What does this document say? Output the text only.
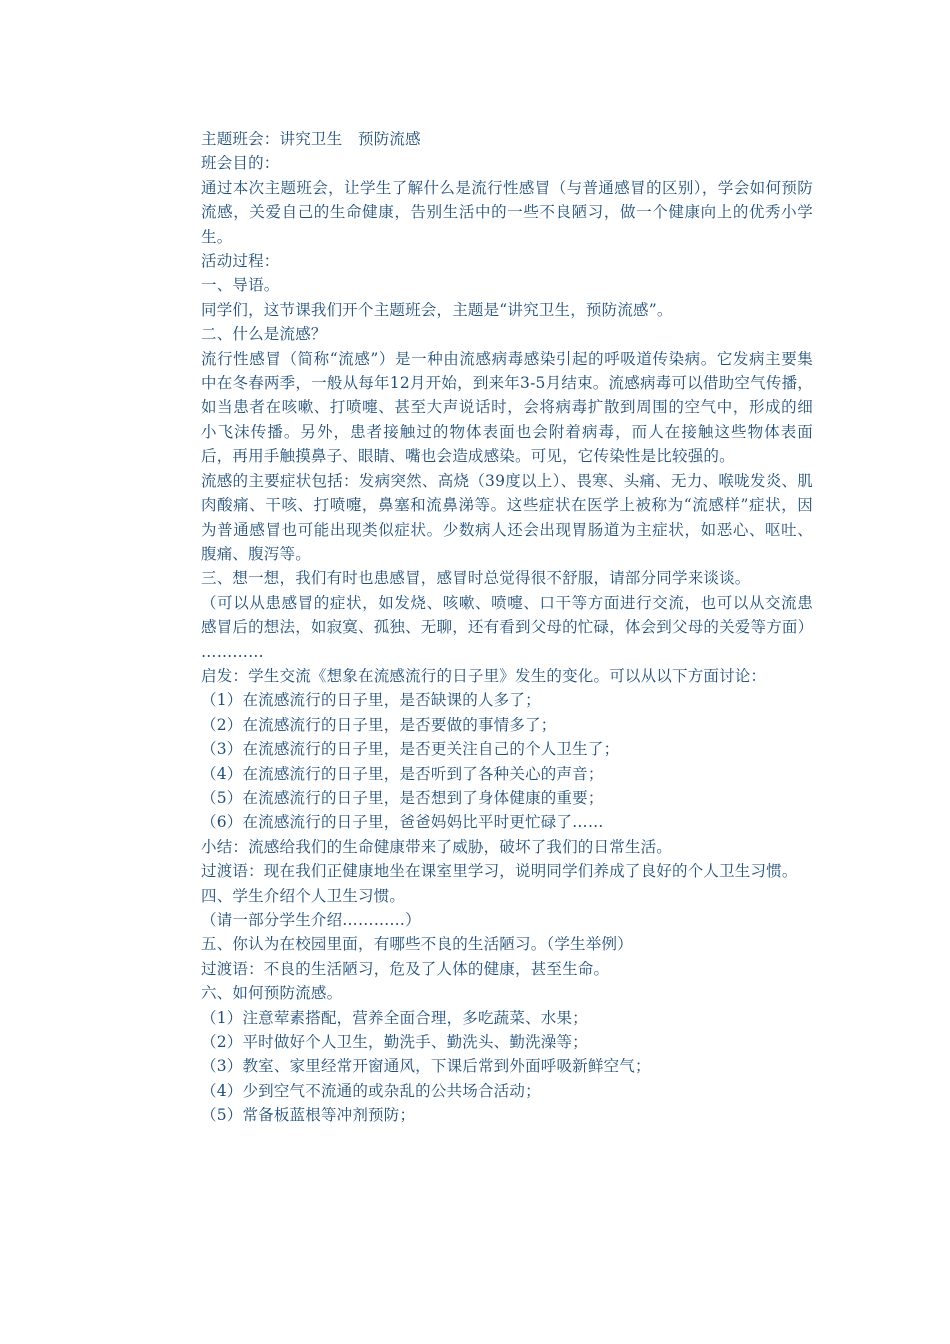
主题班会：讲究卫生　预防流感
班会目的：
通过本次主题班会，让学生了解什么是流行性感冒（与普通感冒的区别），学会如何预防流感，关爱自己的生命健康，告别生活中的一些不良陋习，做一个健康向上的优秀小学生。
活动过程：
一、导语。
同学们，这节课我们开个主题班会，主题是“讲究卫生，预防流感”。
二、什么是流感？
流行性感冒（简称“流感”）是一种由流感病毒感染引起的呼吸道传染病。它发病主要集中在冬春两季，一般从每年12月开始，到来年3-5月结束。流感病毒可以借助空气传播，如当患者在咳嗽、打喷嚏、甚至大声说话时，会将病毒扩散到周围的空气中，形成的细小飞沫传播。另外，患者接触过的物体表面也会附着病毒，而人在接触这些物体表面后，再用手触摸鼻子、眼睛、嘴也会造成感染。可见，它传染性是比较强的。
流感的主要症状包括：发病突然、高烧（39度以上）、畏寒、头痛、无力、喉咙发炎、肌肉酸痛、干咳、打喷嚏，鼻塞和流鼻涕等。这些症状在医学上被称为“流感样”症状，因为普通感冒也可能出现类似症状。少数病人还会出现胃肠道为主症状，如恶心、呕吐、腹痛、腹泻等。
三、想一想，我们有时也患感冒，感冒时总觉得很不舒服，请部分同学来谈谈。
（可以从患感冒的症状，如发烧、咳嗽、喷嚏、口干等方面进行交流，也可以从交流患感冒后的想法，如寂寞、孤独、无聊，还有看到父母的忙碌，体会到父母的关爱等方面）
…………
启发：学生交流《想象在流感流行的日子里》发生的变化。可以从以下方面讨论：
（1）在流感流行的日子里，是否缺课的人多了；
（2）在流感流行的日子里，是否要做的事情多了；
（3）在流感流行的日子里，是否更关注自己的个人卫生了；
（4）在流感流行的日子里，是否听到了各种关心的声音；
（5）在流感流行的日子里，是否想到了身体健康的重要；
（6）在流感流行的日子里，爸爸妈妈比平时更忙碌了……
小结：流感给我们的生命健康带来了威胁，破坏了我们的日常生活。
过渡语：现在我们正健康地坐在课室里学习，说明同学们养成了良好的个人卫生习惯。
四、学生介绍个人卫生习惯。
（请一部分学生介绍…………）
五、你认为在校园里面，有哪些不良的生活陋习。（学生举例）
过渡语：不良的生活陋习，危及了人体的健康，甚至生命。
六、如何预防流感。
（1）注意荤素搭配，营养全面合理，多吃蔬菜、水果；
（2）平时做好个人卫生，勤洗手、勤洗头、勤洗澡等；
（3）教室、家里经常开窗通风，下课后常到外面呼吸新鲜空气；
（4）少到空气不流通的或杂乱的公共场合活动；
（5）常备板蓝根等冲剂预防；
